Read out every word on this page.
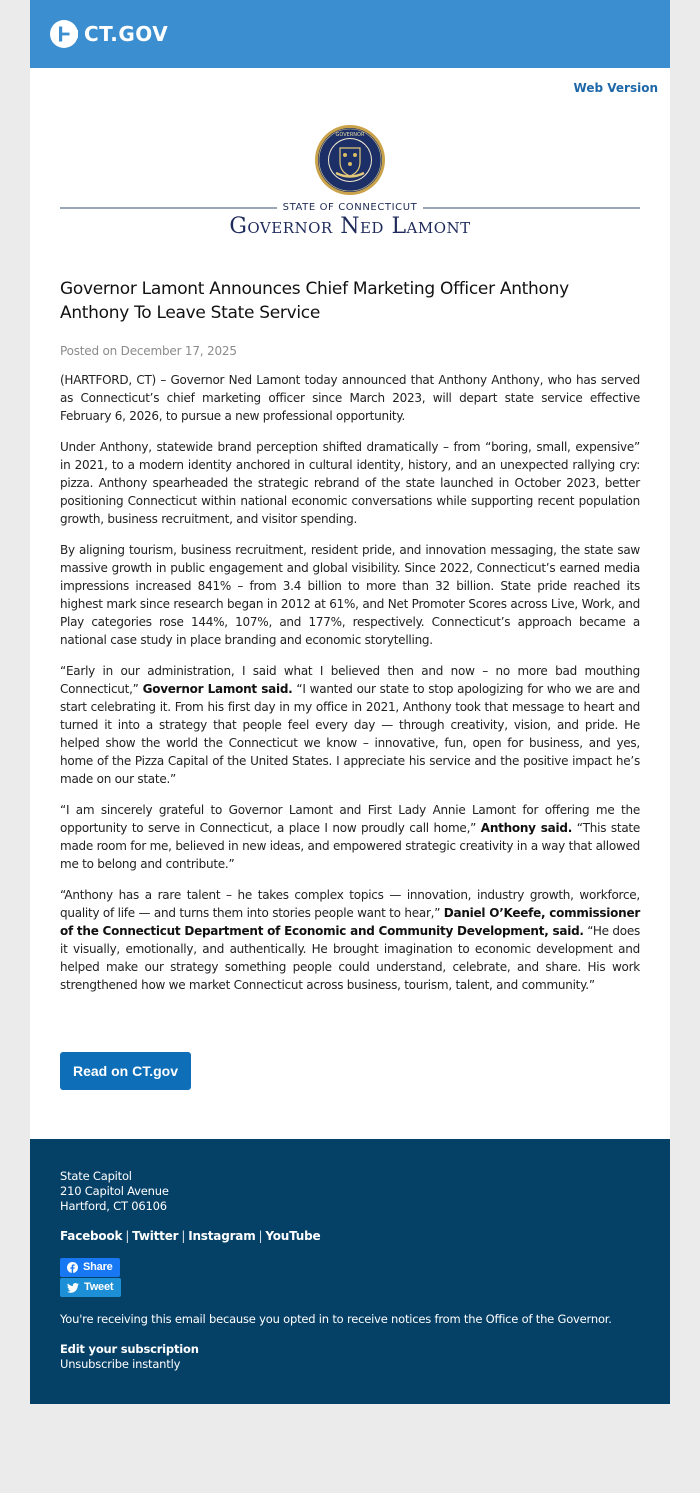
CT.GOV
Web Version
GOVERNOR
STATE OF CONNECTICUT
Governor Ned Lamont
Governor Lamont Announces Chief Marketing Officer Anthony Anthony To Leave State Service
Posted on December 17, 2025

(HARTFORD, CT) – Governor Ned Lamont today announced that Anthony Anthony, who has served as Connecticut’s chief marketing officer since March 2023, will depart state service effective February 6, 2026, to pursue a new professional opportunity.

Under Anthony, statewide brand perception shifted dramatically – from “boring, small, expensive” in 2021, to a modern identity anchored in cultural identity, history, and an unexpected rallying cry: pizza. Anthony spearheaded the strategic rebrand of the state launched in October 2023, better positioning Connecticut within national economic conversations while supporting recent population growth, business recruitment, and visitor spending.

By aligning tourism, business recruitment, resident pride, and innovation messaging, the state saw massive growth in public engagement and global visibility. Since 2022, Connecticut’s earned media impressions increased 841% – from 3.4 billion to more than 32 billion. State pride reached its highest mark since research began in 2012 at 61%, and Net Promoter Scores across Live, Work, and Play categories rose 144%, 107%, and 177%, respectively. Connecticut’s approach became a national case study in place branding and economic storytelling.

“Early in our administration, I said what I believed then and now – no more bad mouthing Connecticut,” Governor Lamont said. “I wanted our state to stop apologizing for who we are and start celebrating it. From his first day in my office in 2021, Anthony took that message to heart and turned it into a strategy that people feel every day — through creativity, vision, and pride. He helped show the world the Connecticut we know – innovative, fun, open for business, and yes, home of the Pizza Capital of the United States. I appreciate his service and the positive impact he’s made on our state.”

“I am sincerely grateful to Governor Lamont and First Lady Annie Lamont for offering me the opportunity to serve in Connecticut, a place I now proudly call home,” Anthony said. “This state made room for me, believed in new ideas, and empowered strategic creativity in a way that allowed me to belong and contribute.”

“Anthony has a rare talent – he takes complex topics — innovation, industry growth, workforce, quality of life — and turns them into stories people want to hear,” Daniel O’Keefe, commissioner of the Connecticut Department of Economic and Community Development, said. “He does it visually, emotionally, and authentically. He brought imagination to economic development and helped make our strategy something people could understand, celebrate, and share. His work strengthened how we market Connecticut across business, tourism, talent, and community.”

Read on CT.gov
State Capitol
210 Capitol Avenue
Hartford, CT 06106
Facebook | Twitter | Instagram | YouTube
Share
Tweet
You're receiving this email because you opted in to receive notices from the Office of the Governor.
Edit your subscription
Unsubscribe instantly
